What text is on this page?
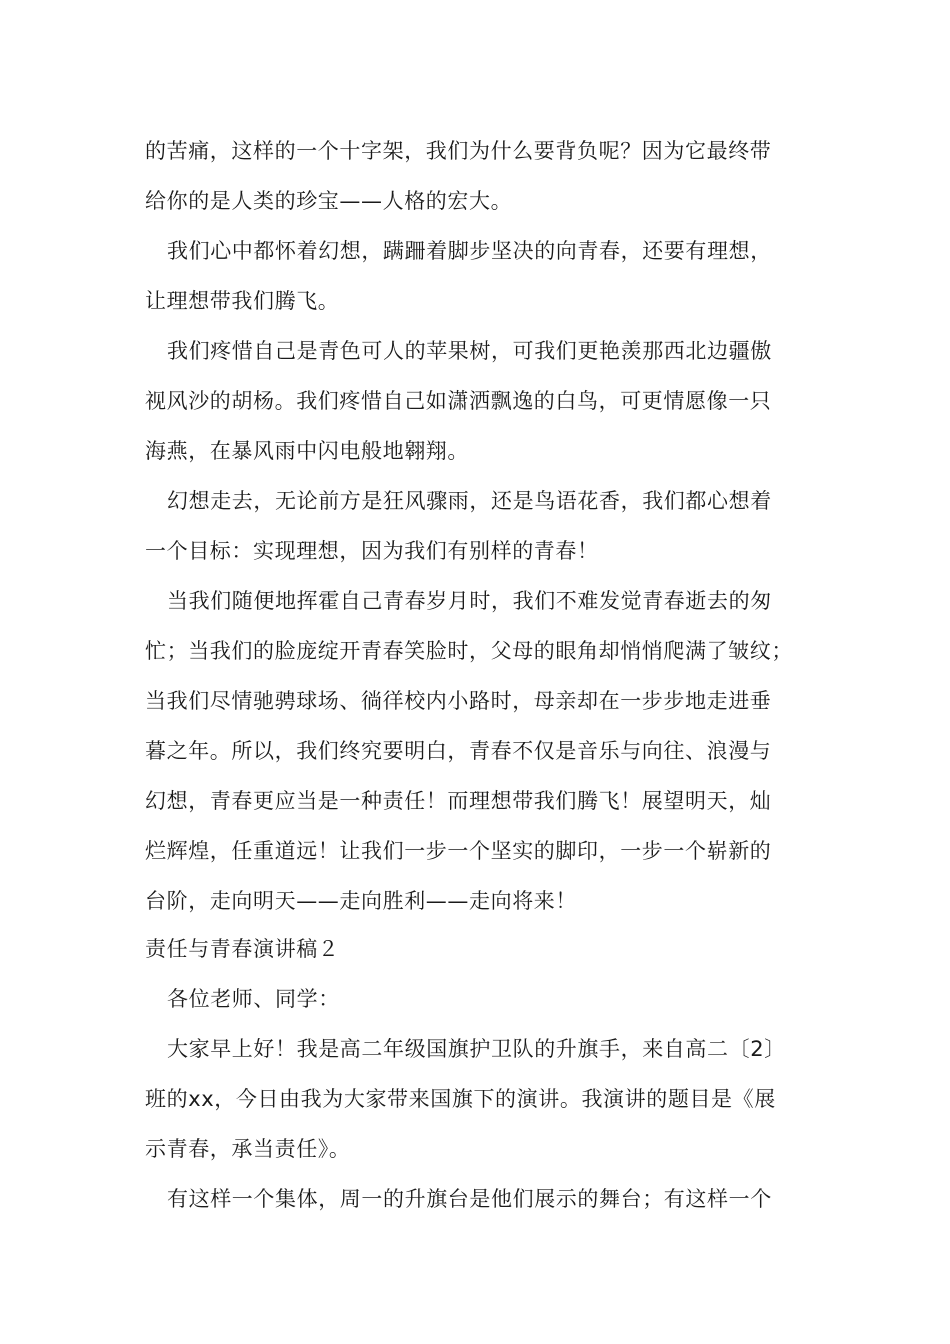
的苦痛，这样的一个十字架，我们为什么要背负呢？因为它最终带
给你的是人类的珍宝——人格的宏大。
我们心中都怀着幻想，蹒跚着脚步坚决的向青春，还要有理想，
让理想带我们腾飞。
我们疼惜自己是青色可人的苹果树，可我们更艳羡那西北边疆傲
视风沙的胡杨。我们疼惜自己如潇洒飘逸的白鸟，可更情愿像一只
海燕，在暴风雨中闪电般地翱翔。
幻想走去，无论前方是狂风骤雨，还是鸟语花香，我们都心想着
一个目标：实现理想，因为我们有别样的青春！
当我们随便地挥霍自己青春岁月时，我们不难发觉青春逝去的匆
忙；当我们的脸庞绽开青春笑脸时，父母的眼角却悄悄爬满了皱纹；
当我们尽情驰骋球场、徜徉校内小路时，母亲却在一步步地走进垂
暮之年。所以，我们终究要明白，青春不仅是音乐与向往、浪漫与
幻想，青春更应当是一种责任！而理想带我们腾飞！展望明天，灿
烂辉煌，任重道远！让我们一步一个坚实的脚印，一步一个崭新的
台阶，走向明天——走向胜利——走向将来！
责任与青春演讲稿２
各位老师、同学：
大家早上好！我是高二年级国旗护卫队的升旗手，来自高二〔2〕
班的xx，今日由我为大家带来国旗下的演讲。我演讲的题目是《展
示青春，承当责任》。
有这样一个集体，周一的升旗台是他们展示的舞台；有这样一个
